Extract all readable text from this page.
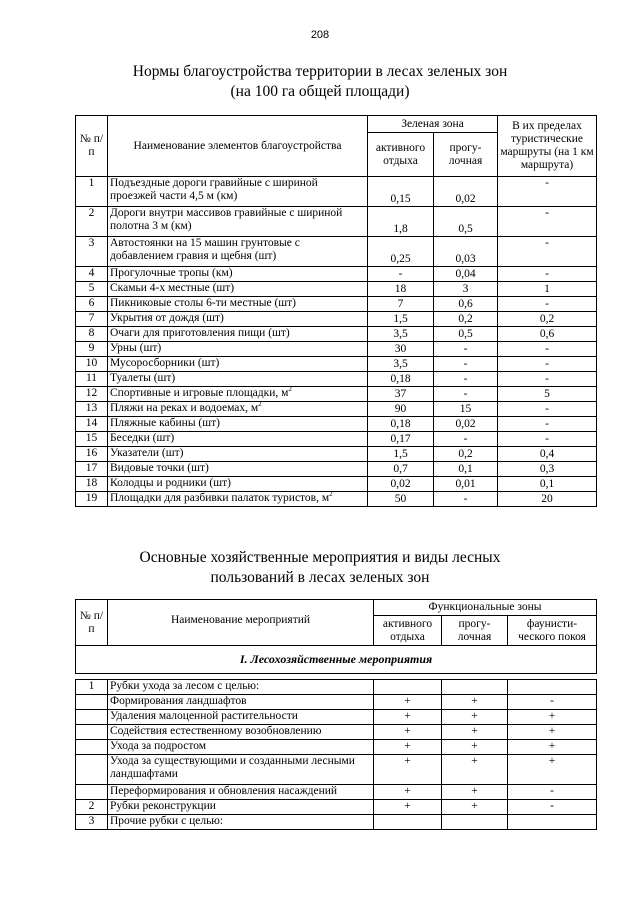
208
Нормы благоустройства территории в лесах зеленых зон
(на 100 га общей площади)
№ п/п	Наименование элементов благоустройства	Зеленая зона		В их пределах туристические маршруты (на 1 км маршрута)
		активного отдыха	прогу-лочная	
1	Подъездные дороги гравийные с шириной проезжей части 4,5 м (км)	0,15	0,02	-
2	Дороги внутри массивов гравийные с шириной полотна 3 м (км)	1,8	0,5	-
3	Автостоянки на 15 машин грунтовые с добавлением гравия и щебня (шт)	0,25	0,03	-
4	Прогулочные тропы (км)	-	0,04	-
5	Скамьи 4-х местные (шт)	18	3	1
6	Пикниковые столы 6-ти местные (шт)	7	0,6	-
7	Укрытия от дождя (шт)	1,5	0,2	0,2
8	Очаги для приготовления пищи (шт)	3,5	0,5	0,6
9	Урны (шт)	30	-	-
10	Мусоросборники (шт)	3,5	-	-
11	Туалеты (шт)	0,18	-	-
12	Спортивные и игровые площадки, $м^2$	37	-	5
13	Пляжи на реках и водоемах, $м^2$	90	15	-
14	Пляжные кабины (шт)	0,18	0,02	-
15	Беседки (шт)	0,17	-	-
16	Указатели (шт)	1,5	0,2	0,4
17	Видовые точки (шт)	0,7	0,1	0,3
18	Колодцы и родники (шт)	0,02	0,01	0,1
19	Площадки для разбивки палаток туристов, $м^2$	50	-	20
Основные хозяйственные мероприятия и виды лесных
пользований в лесах зеленых зон
№ п/п	Наименование мероприятий	Функциональные зоны		
		активного отдыха	прогу-лочная	фаунисти-ческого покоя
I. Лесохозяйственные мероприятия				

1	Рубки ухода за лесом с целью:			
	Формирования ландшафтов	+	+	-
	Удаления малоценной растительности	+	+	+
	Содействия естественному возобновлению	+	+	+
	Ухода за подростом	+	+	+
	Ухода за существующими и созданными лесными ландшафтами	+	+	+
	Переформирования и обновления насаждений	+	+	-
2	Рубки реконструкции	+	+	-
3	Прочие рубки с целью:			
